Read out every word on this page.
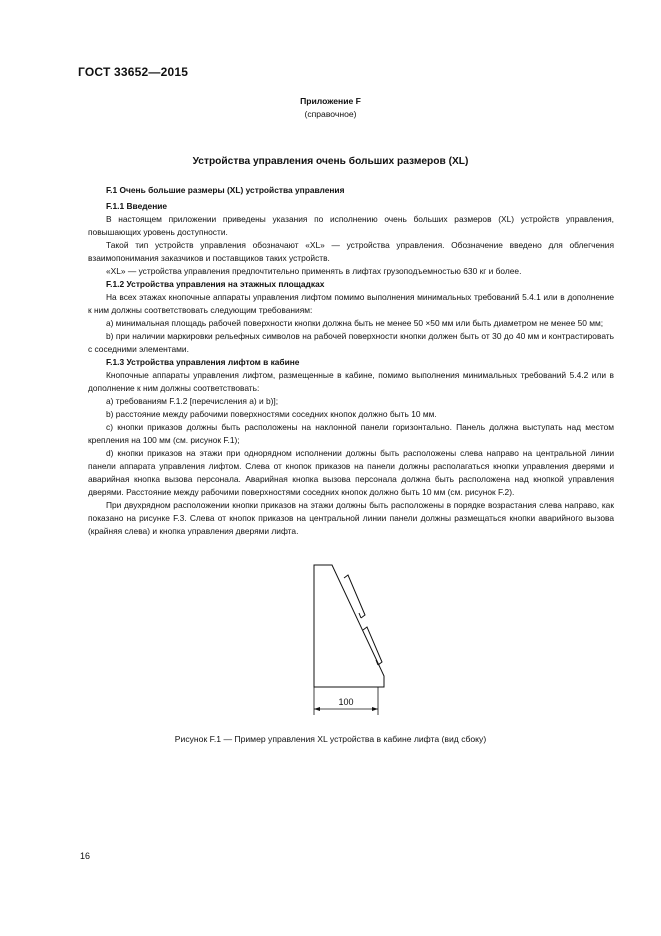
ГОСТ 33652—2015
Приложение F
(справочное)
Устройства управления очень больших размеров (XL)
F.1 Очень большие размеры (XL) устройства управления

F.1.1 Введение

В настоящем приложении приведены указания по исполнению очень больших размеров (XL) устройств управления, повышающих уровень доступности.

Такой тип устройств управления обозначают «XL» — устройства управления. Обозначение введено для облегчения взаимопонимания заказчиков и поставщиков таких устройств.

«XL» — устройства управления предпочтительно применять в лифтах грузоподъемностью 630 кг и более.

F.1.2 Устройства управления на этажных площадках

На всех этажах кнопочные аппараты управления лифтом помимо выполнения минимальных требований 5.4.1 или в дополнение к ним должны соответствовать следующим требованиям:

a) минимальная площадь рабочей поверхности кнопки должна быть не менее 50 ×50 мм или быть диаметром не менее 50 мм;

b) при наличии маркировки рельефных символов на рабочей поверхности кнопки должен быть от 30 до 40 мм и контрастировать с соседними элементами.

F.1.3 Устройства управления лифтом в кабине

Кнопочные аппараты управления лифтом, размещенные в кабине, помимо выполнения минимальных требований 5.4.2 или в дополнение к ним должны соответствовать:

a) требованиям F.1.2 [перечисления a) и b)];

b) расстояние между рабочими поверхностями соседних кнопок должно быть 10 мм.

c) кнопки приказов должны быть расположены на наклонной панели горизонтально. Панель должна выступать над местом крепления на 100 мм (см. рисунок F.1);

d) кнопки приказов на этажи при однорядном исполнении должны быть расположены слева направо на центральной линии панели аппарата управления лифтом. Слева от кнопок приказов на панели должны располагаться кнопки управления дверями и аварийная кнопка вызова персонала. Аварийная кнопка вызова персонала должна быть расположена над кнопкой управления дверями. Расстояние между рабочими поверхностями соседних кнопок должно быть 10 мм (см. рисунок F.2).

При двухрядном расположении кнопки приказов на этажи должны быть расположены в порядке возрастания слева направо, как показано на рисунке F.3. Слева от кнопок приказов на центральной линии панели должны размещаться кнопки аварийного вызова (крайняя слева) и кнопка управления дверями лифта.

100
Рисунок F.1 — Пример управления XL устройства в кабине лифта (вид сбоку)
16
